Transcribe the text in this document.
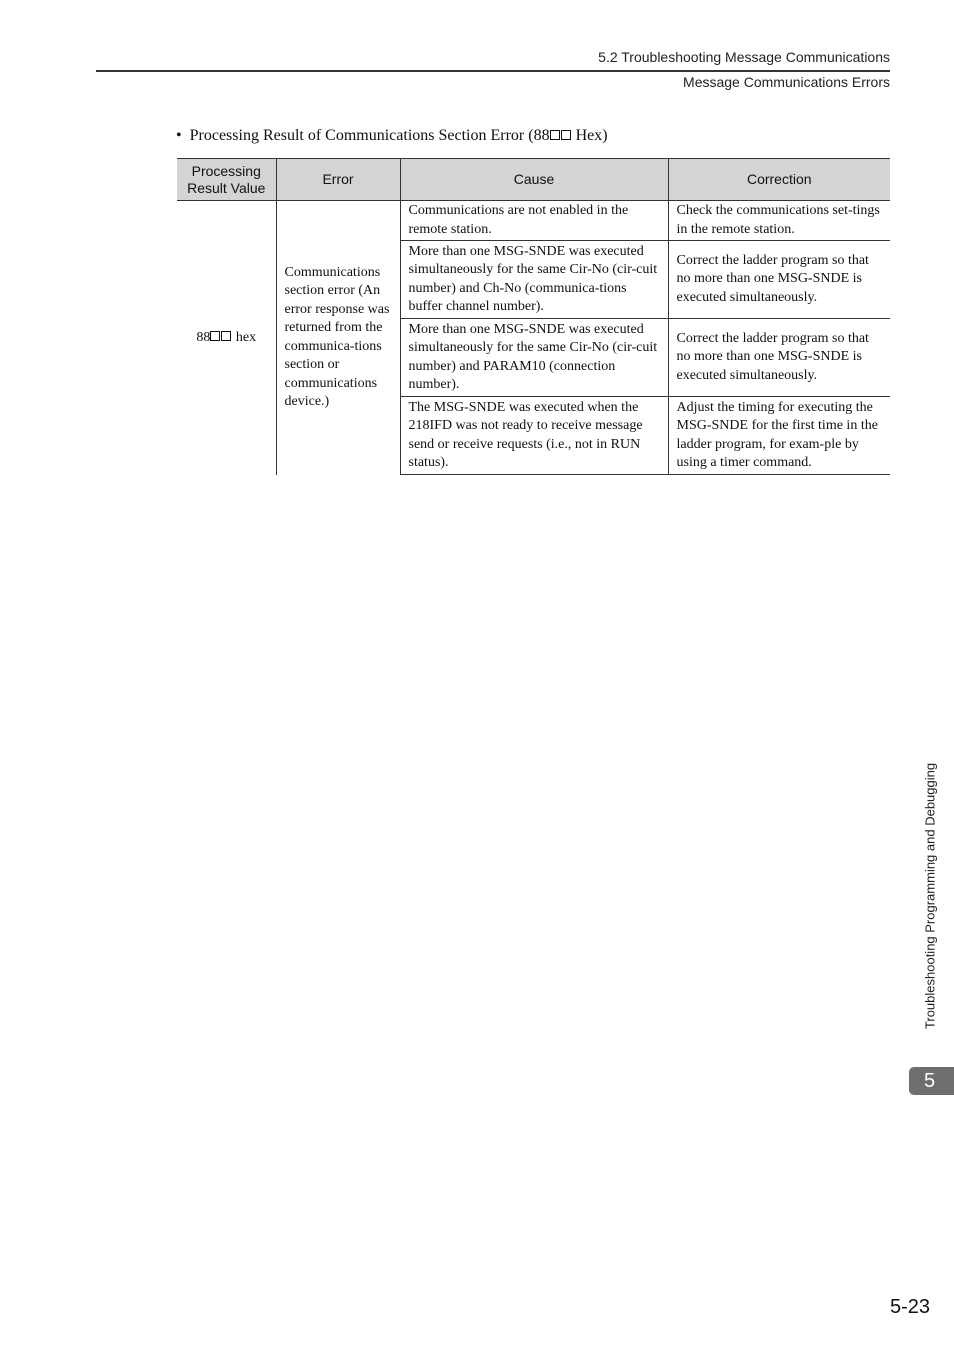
5.2 Troubleshooting Message Communications
Message Communications Errors
• Processing Result of Communications Section Error (88 Hex)
Processing
Result Value	Error	Cause	Correction
88 hex	Communications section error (An error response was returned from the communica-tions section or communications device.)	Communications are not enabled in the remote station.	Check the communications set-tings in the remote station.
		More than one MSG-SNDE was executed simultaneously for the same Cir-No (cir-cuit number) and Ch-No (communica-tions buffer channel number).	Correct the ladder program so that no more than one MSG-SNDE is executed simultaneously.
		More than one MSG-SNDE was executed simultaneously for the same Cir-No (cir-cuit number) and PARAM10 (connection number).	Correct the ladder program so that no more than one MSG-SNDE is executed simultaneously.
		The MSG-SNDE was executed when the 218IFD was not ready to receive message send or receive requests (i.e., not in RUN status).	Adjust the timing for executing the MSG-SNDE for the first time in the ladder program, for exam-ple by using a timer command.
Troubleshooting Programming and Debugging
5
5-23
